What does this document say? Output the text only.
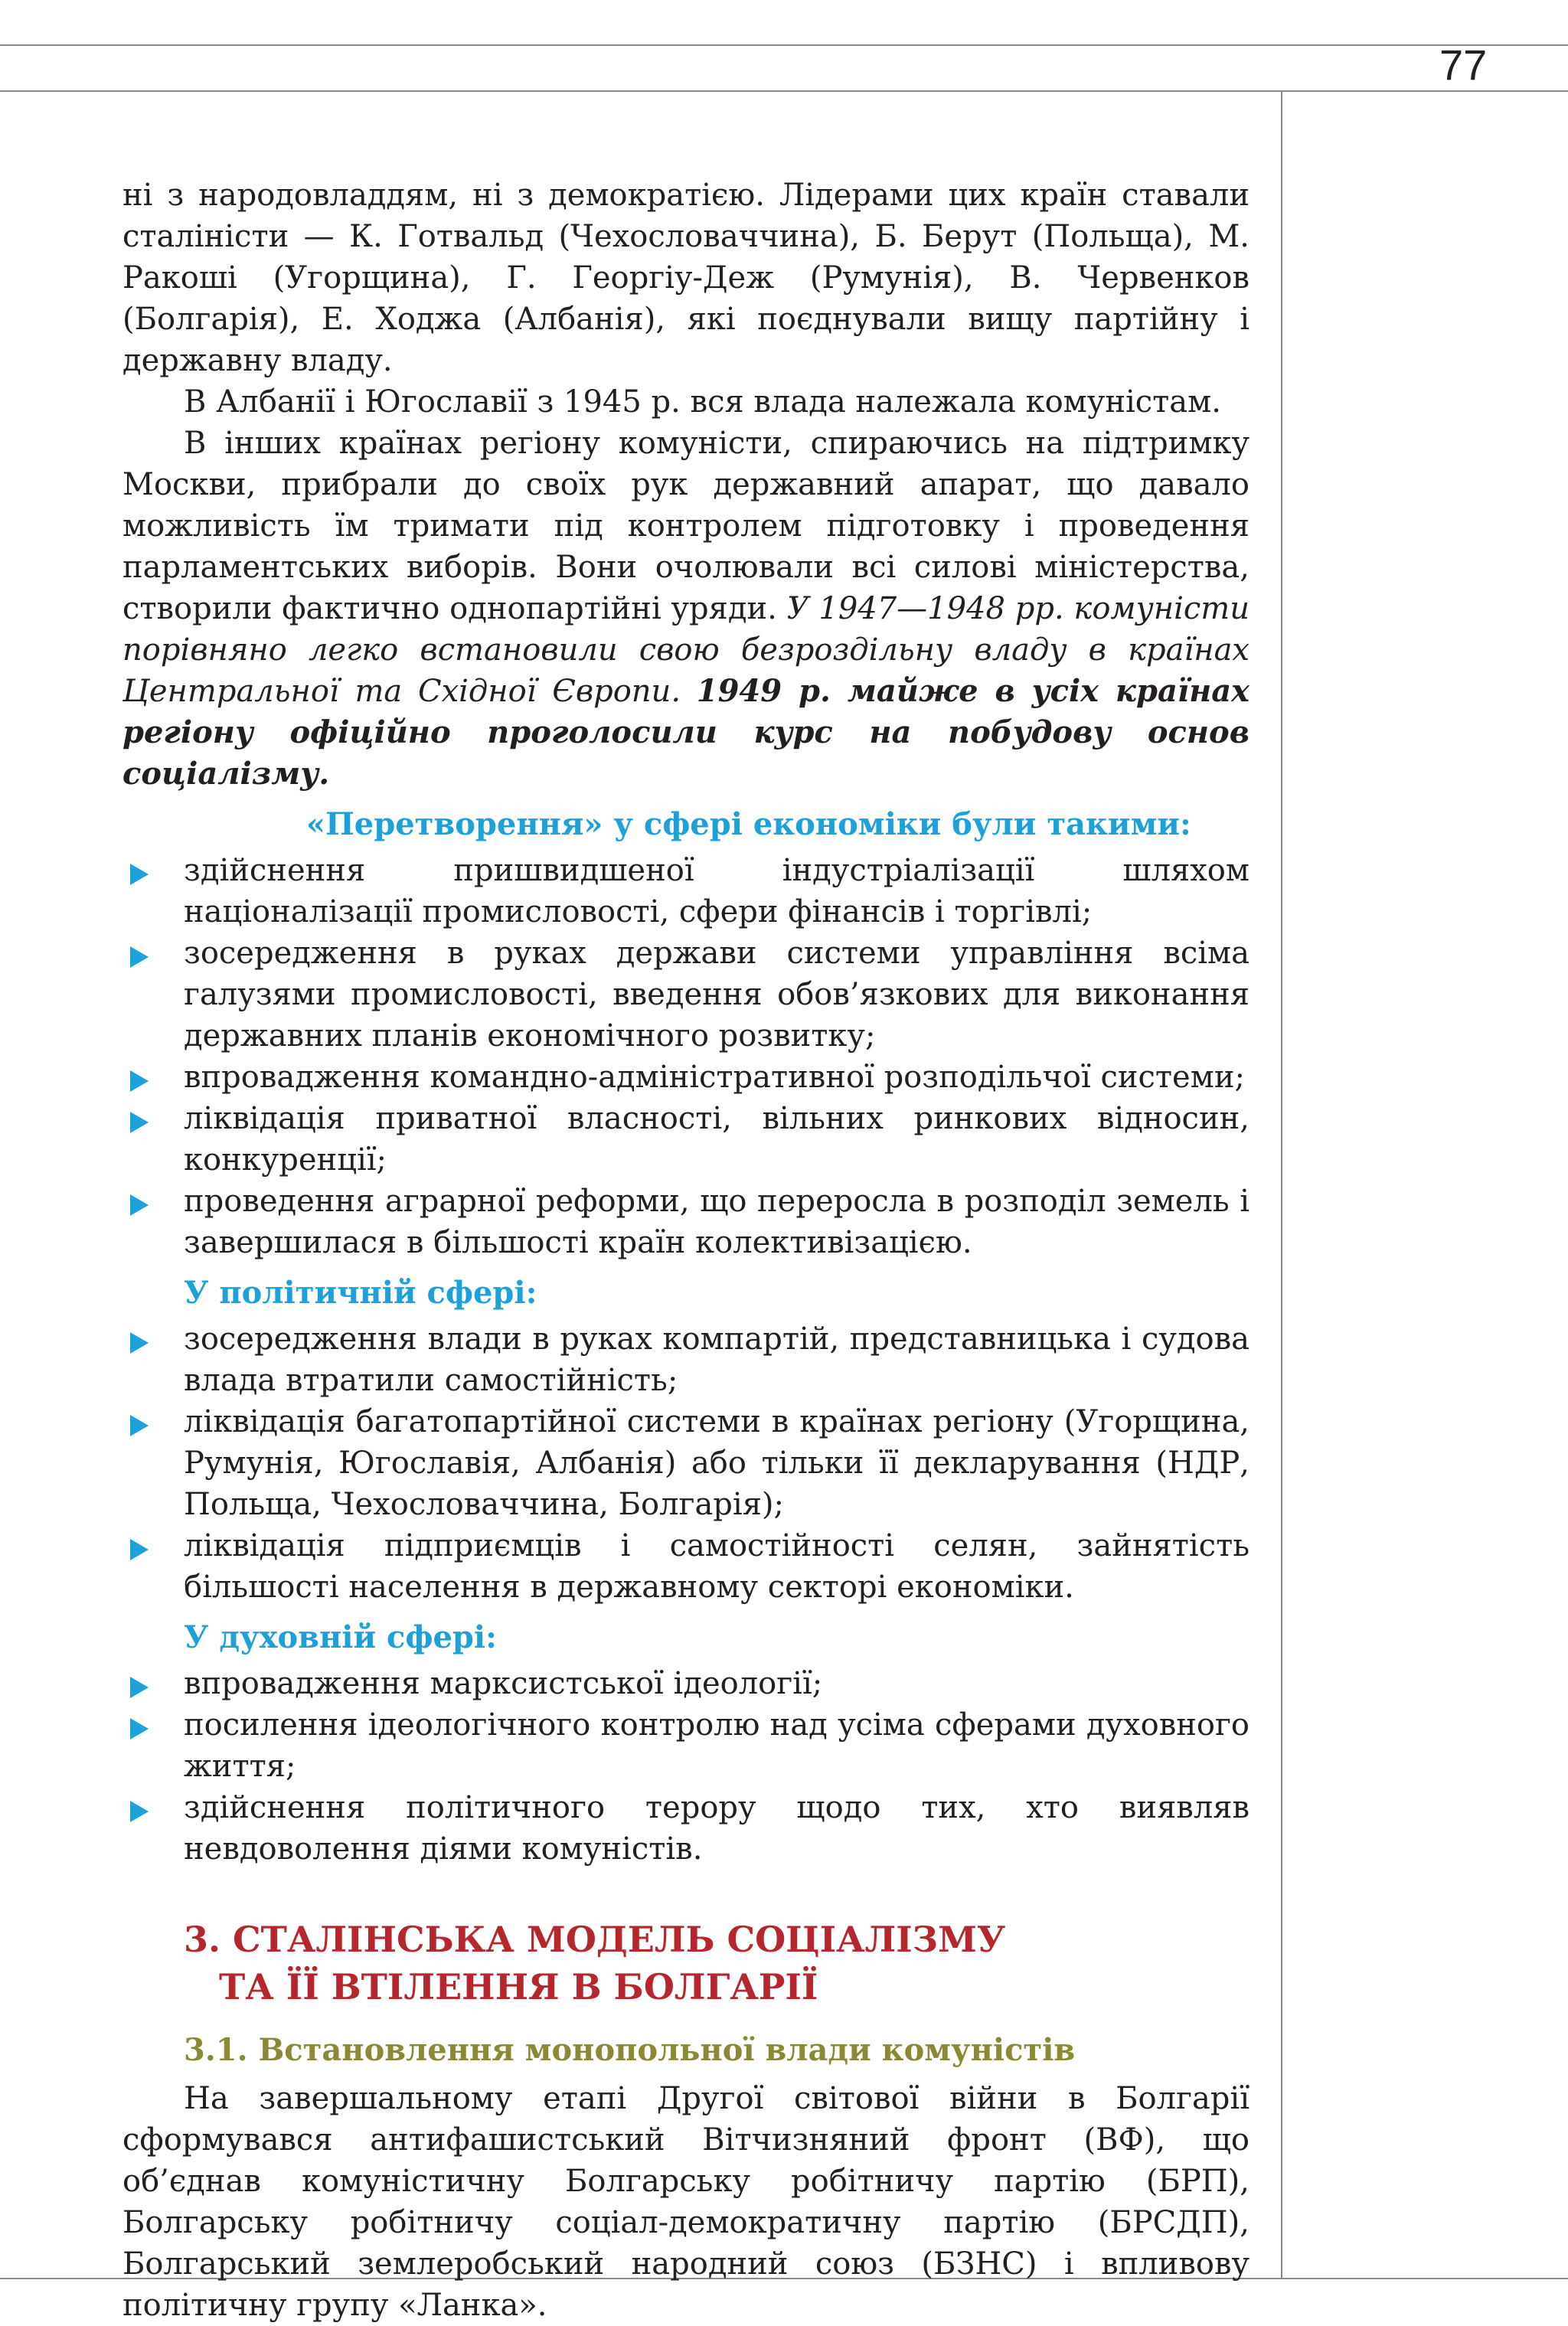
77

ні з народовладдям, ні з демократією. Лідерами цих країн ставали сталіністи — К. Готвальд (Чехословаччина), Б. Берут (Польща), М. Ракоші (Угорщина), Г. Георгіу-Деж (Румунія), В. Червенков (Болгарія), Е. Ходжа (Албанія), які поєднували вищу партійну і державну владу.

В Албанії і Югославії з 1945 р. вся влада належала комуністам.

В інших країнах регіону комуністи, спираючись на підтримку Москви, прибрали до своїх рук державний апарат, що давало можливість їм тримати під контролем підготовку і проведення парламентських виборів. Вони очолювали всі силові міністерства, створили фактично однопартійні уряди. У 1947—1948 рр. комуністи порівняно легко встановили свою безроздільну владу в країнах Центральної та Східної Європи. 1949 р. майже в усіх країнах регіону офіційно проголосили курс на побудову основ соціалізму.

«Перетворення» у сфері економіки були такими:
здійснення пришвидшеної індустріалізації шляхом націоналізації промисловості, сфери фінансів і торгівлі;
зосередження в руках держави системи управління всіма галузями промисловості, введення обов’язкових для виконання державних планів економічного розвитку;
впровадження командно-адміністративної розподільчої системи;
ліквідація приватної власності, вільних ринкових відносин, конкуренції;
проведення аграрної реформи, що переросла в розподіл земель і завершилася в більшості країн колективізацією.
У політичній сфері:
зосередження влади в руках компартій, представницька і судова влада втратили самостійність;
ліквідація багатопартійної системи в країнах регіону (Угорщина, Румунія, Югославія, Албанія) або тільки її декларування (НДР, Польща, Чехословаччина, Болгарія);
ліквідація підприємців і самостійності селян, зайнятість більшості населення в державному секторі економіки.
У духовній сфері:
впровадження марксистської ідеології;
посилення ідеологічного контролю над усіма сферами духовного життя;
здійснення політичного терору щодо тих, хто виявляв невдоволення діями комуністів.
3. СТАЛІНСЬКА МОДЕЛЬ СОЦІАЛІЗМУ
ТА ЇЇ ВТІЛЕННЯ В БОЛГАРІЇ
3.1. Встановлення монопольної влади комуністів

На завершальному етапі Другої світової війни в Болгарії сформувався антифашистський Вітчизняний фронт (ВФ), що об’єднав комуністичну Болгарську робітничу партію (БРП), Болгарську робітничу соціал-демократичну партію (БРСДП), Болгарський землеробський народний союз (БЗНС) і впливову політичну групу «Ланка».
